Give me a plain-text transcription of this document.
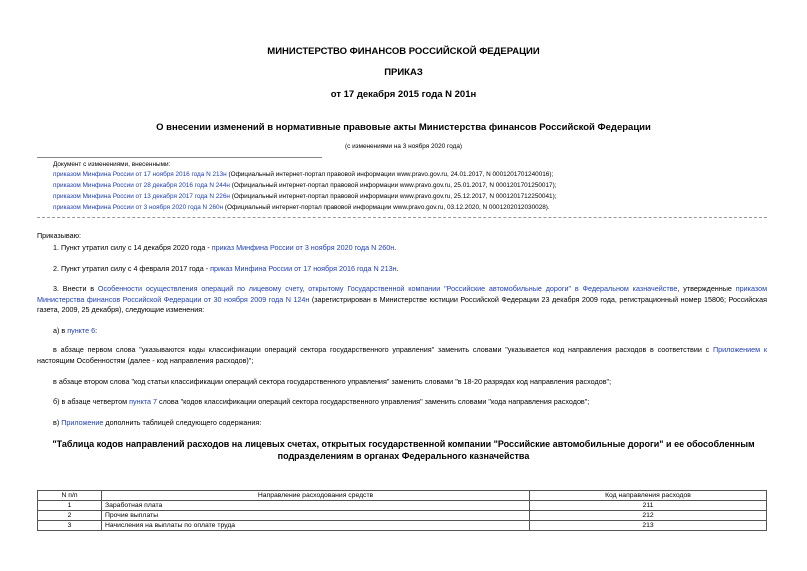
МИНИСТЕРСТВО ФИНАНСОВ РОССИЙСКОЙ ФЕДЕРАЦИИ
ПРИКАЗ
от 17 декабря 2015 года N 201н
О внесении изменений в нормативные правовые акты Министерства финансов Российской Федерации
(с изменениями на 3 ноября 2020 года)
Документ с изменениями, внесенными:
приказом Минфина России от 17 ноября 2016 года N 213н (Официальный интернет-портал правовой информации www.pravo.gov.ru, 24.01.2017, N 0001201701240016);
приказом Минфина России от 28 декабря 2016 года N 244н (Официальный интернет-портал правовой информации www.pravo.gov.ru, 25.01.2017, N 0001201701250017);
приказом Минфина России от 13 декабря 2017 года N 226н (Официальный интернет-портал правовой информации www.pravo.gov.ru, 25.12.2017, N 0001201712250041);
приказом Минфина России от 3 ноября 2020 года N 260н (Официальный интернет-портал правовой информации www.pravo.gov.ru, 03.12.2020, N 0001202012030028).
Приказываю:
1. Пункт утратил силу с 14 декабря 2020 года - приказ Минфина России от 3 ноября 2020 года N 260н.
2. Пункт утратил силу с 4 февраля 2017 года - приказ Минфина России от 17 ноября 2016 года N 213н.
3. Внести в Особенности осуществления операций по лицевому счету, открытому Государственной компании "Российские автомобильные дороги" в Федеральном казначействе, утвержденные приказом Министерства финансов Российской Федерации от 30 ноября 2009 года N 124н (зарегистрирован в Министерстве юстиции Российской Федерации 23 декабря 2009 года, регистрационный номер 15806; Российская газета, 2009, 25 декабря), следующие изменения:
а) в пункте 6:
в абзаце первом слова "указываются коды классификации операций сектора государственного управления" заменить словами "указывается код направления расходов в соответствии с Приложением к настоящим Особенностям (далее - код направления расходов)";
в абзаце втором слова "код статьи классификации операций сектора государственного управления" заменить словами "в 18-20 разрядах код направления расходов";
б) в абзаце четвертом пункта 7 слова "кодов классификации операций сектора государственного управления" заменить словами "кода направления расходов";
в) Приложение дополнить таблицей следующего содержания:
"Таблица кодов направлений расходов на лицевых счетах, открытых государственной компании "Российские автомобильные дороги" и ее обособленным
подразделениям в органах Федерального казначейства
N п/п	Направление расходования средств	Код направления расходов
1	Заработная плата	211
2	Прочие выплаты	212
3	Начисления на выплаты по оплате труда	213
